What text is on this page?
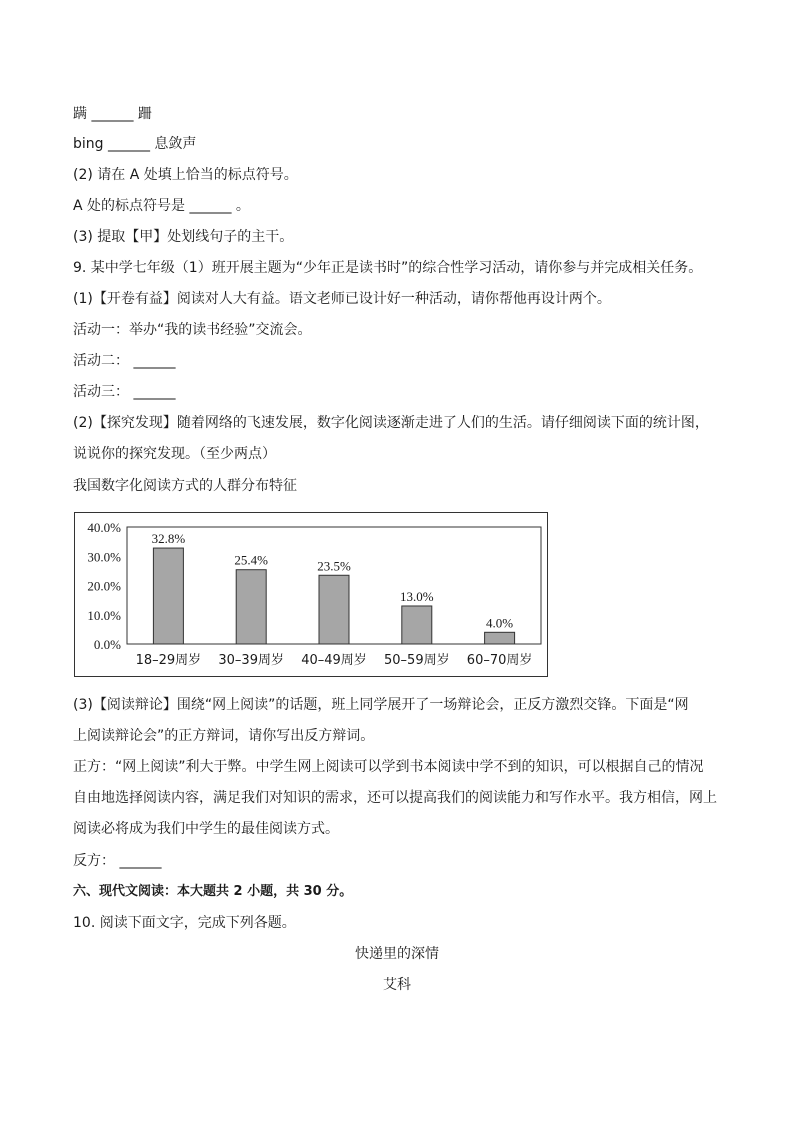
蹒 ______ 跚
bing ______ 息敛声
(2) 请在 A 处填上恰当的标点符号。
A 处的标点符号是 ______ 。
(3) 提取【甲】处划线句子的主干。
9. 某中学七年级（1）班开展主题为“少年正是读书时”的综合性学习活动，请你参与并完成相关任务。
(1)【开卷有益】阅读对人大有益。语文老师已设计好一种活动，请你帮他再设计两个。
活动一：举办“我的读书经验”交流会。
活动二： ______
活动三： ______
(2)【探究发现】随着网络的飞速发展，数字化阅读逐渐走进了人们的生活。请仔细阅读下面的统计图，
说说你的探究发现。（至少两点）
我国数字化阅读方式的人群分布特征
0.0%
10.0%
20.0%
30.0%
40.0%
32.8%
18–29周岁
25.4%
30–39周岁
23.5%
40–49周岁
13.0%
50–59周岁
4.0%
60–70周岁
(3)【阅读辩论】围绕“网上阅读”的话题，班上同学展开了一场辩论会，正反方激烈交锋。下面是“网
上阅读辩论会”的正方辩词，请你写出反方辩词。
正方：“网上阅读”利大于弊。中学生网上阅读可以学到书本阅读中学不到的知识，可以根据自己的情况
自由地选择阅读内容，满足我们对知识的需求，还可以提高我们的阅读能力和写作水平。我方相信，网上
阅读必将成为我们中学生的最佳阅读方式。
反方： ______
六、现代文阅读：本大题共 2 小题，共 30 分。
10. 阅读下面文字，完成下列各题。
快递里的深情
艾科
